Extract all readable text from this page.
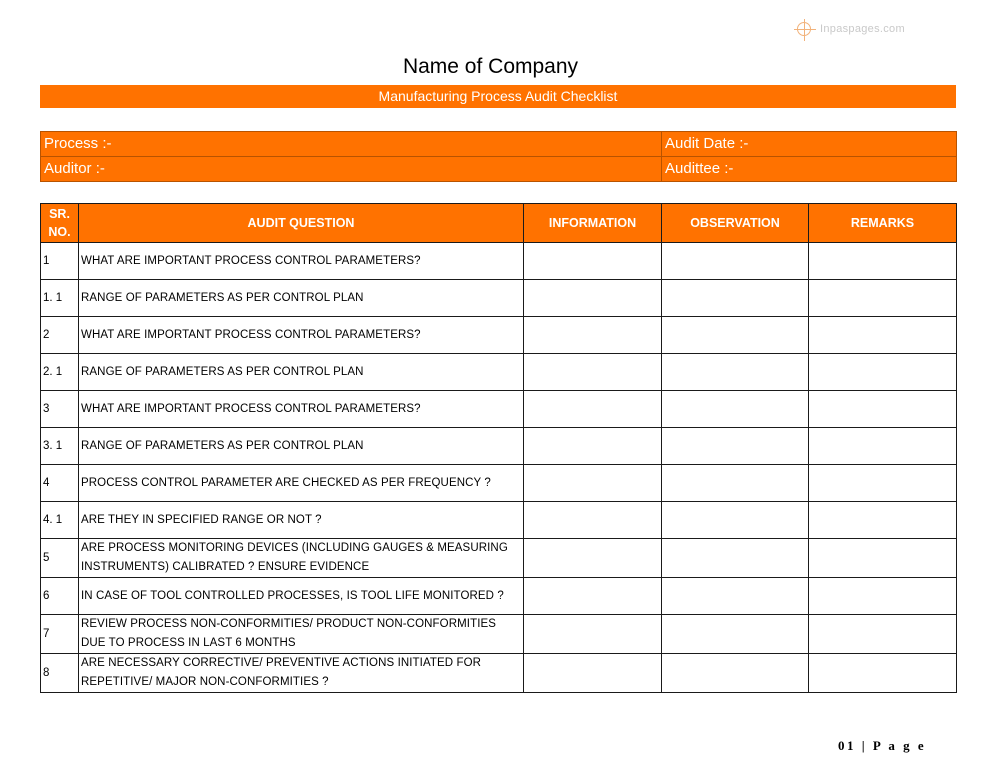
Inpaspages.com
Name of Company
Manufacturing Process Audit Checklist
Process :-	Audit Date :-
Auditor :-	Audittee :-
SR.
NO.	AUDIT QUESTION	INFORMATION	OBSERVATION	REMARKS
1	WHAT ARE IMPORTANT PROCESS CONTROL PARAMETERS?			
1. 1	RANGE OF PARAMETERS AS PER CONTROL PLAN			
2	WHAT ARE IMPORTANT PROCESS CONTROL PARAMETERS?			
2. 1	RANGE OF PARAMETERS AS PER CONTROL PLAN			
3	WHAT ARE IMPORTANT PROCESS CONTROL PARAMETERS?			
3. 1	RANGE OF PARAMETERS AS PER CONTROL PLAN			
4	PROCESS CONTROL PARAMETER ARE CHECKED AS PER FREQUENCY ?			
4. 1	ARE THEY IN SPECIFIED RANGE OR NOT ?			
5	ARE PROCESS MONITORING DEVICES (INCLUDING GAUGES & MEASURING INSTRUMENTS) CALIBRATED ? ENSURE EVIDENCE			
6	IN CASE OF TOOL CONTROLLED PROCESSES, IS TOOL LIFE MONITORED ?			
7	REVIEW PROCESS NON-CONFORMITIES/ PRODUCT NON-CONFORMITIES DUE TO PROCESS IN LAST 6 MONTHS			
8	ARE NECESSARY CORRECTIVE/ PREVENTIVE ACTIONS INITIATED FOR REPETITIVE/ MAJOR NON-CONFORMITIES ?			
01 | P a g e
